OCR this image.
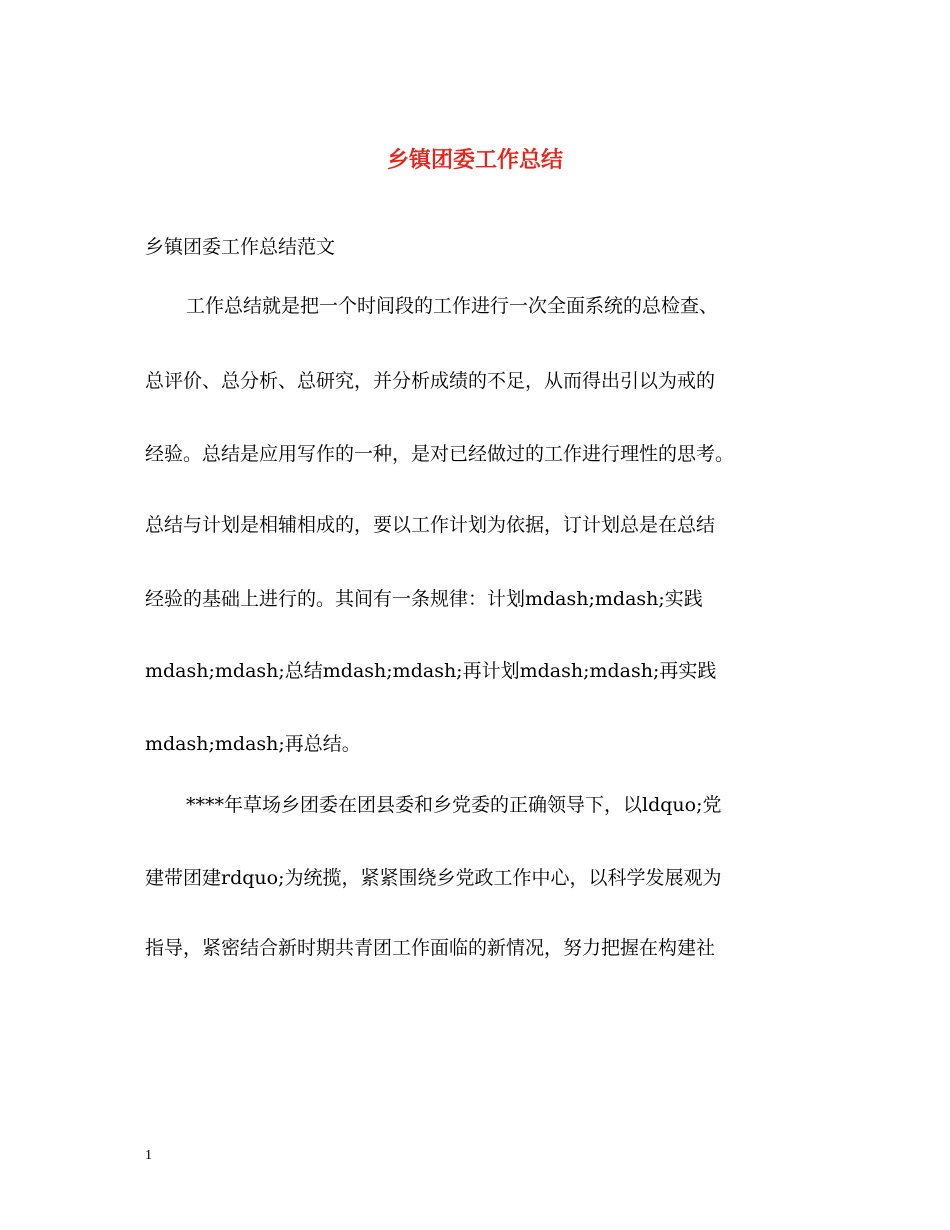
乡镇团委工作总结
乡镇团委工作总结范文
工作总结就是把一个时间段的工作进行一次全面系统的总检查、
总评价、总分析、总研究，并分析成绩的不足，从而得出引以为戒的
经验。总结是应用写作的一种，是对已经做过的工作进行理性的思考。
总结与计划是相辅相成的，要以工作计划为依据，订计划总是在总结
经验的基础上进行的。其间有一条规律：计划mdash;mdash;实践
mdash;mdash;总结mdash;mdash;再计划mdash;mdash;再实践
mdash;mdash;再总结。
****年草场乡团委在团县委和乡党委的正确领导下，以ldquo;党
建带团建rdquo;为统揽，紧紧围绕乡党政工作中心，以科学发展观为
指导，紧密结合新时期共青团工作面临的新情况，努力把握在构建社
1
